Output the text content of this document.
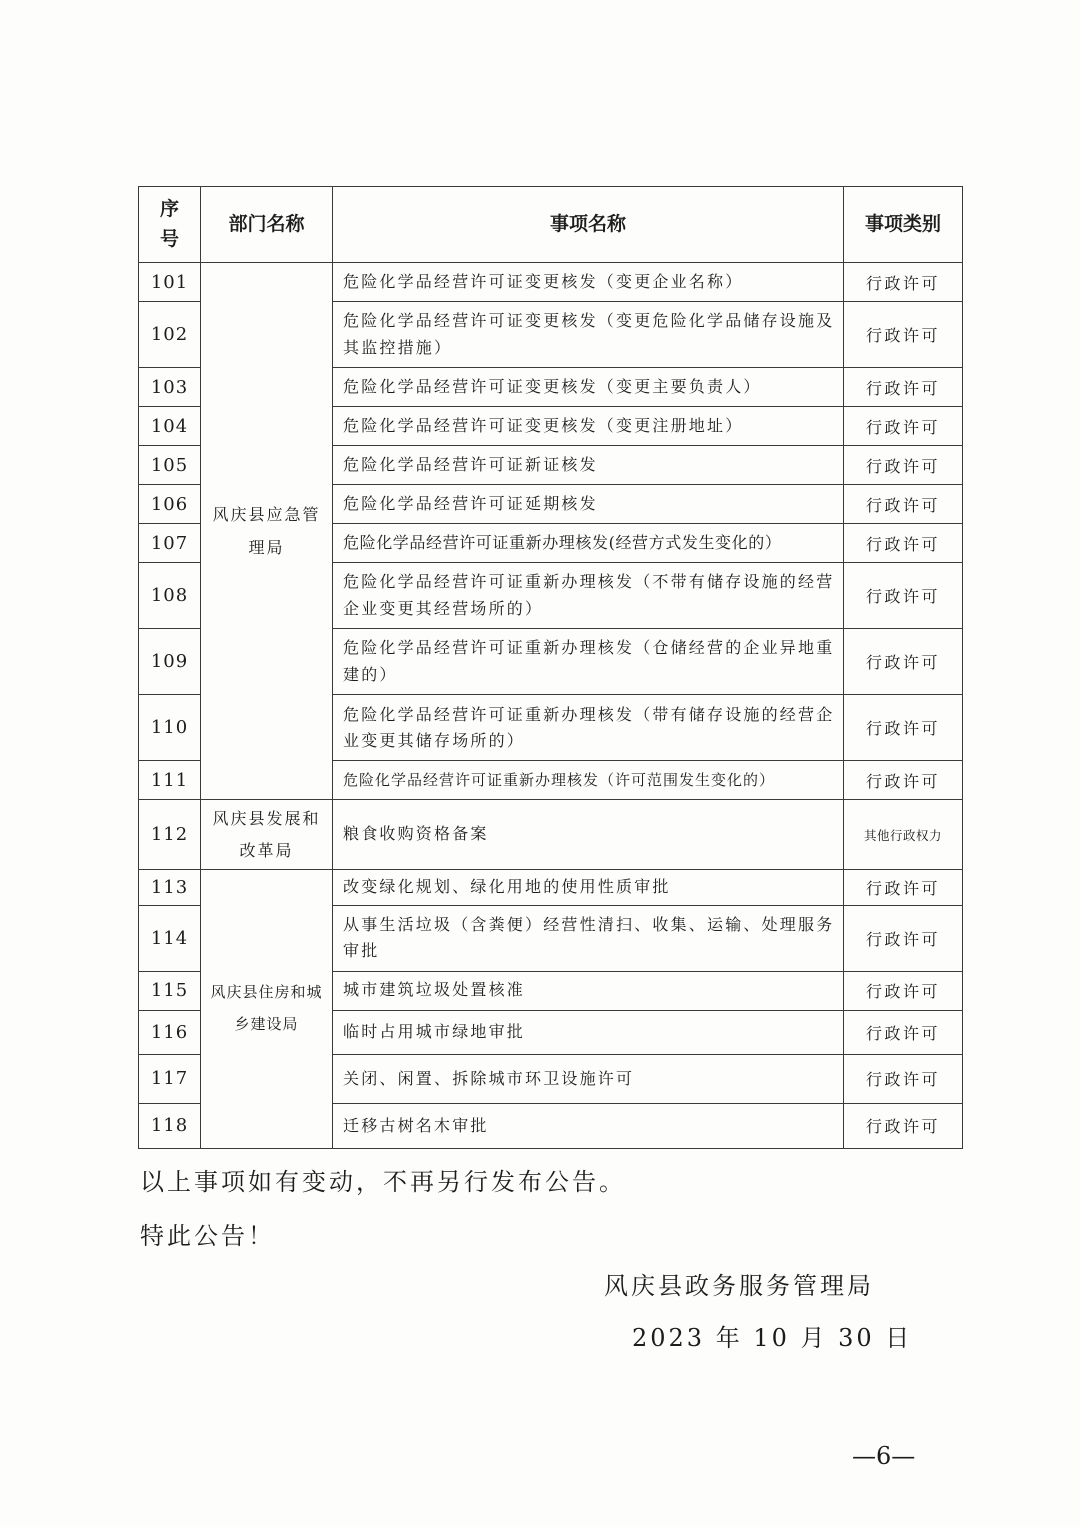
序号	部门名称	事项名称	事项类别
101	风庆县应急管理局	危险化学品经营许可证变更核发（变更企业名称）	行政许可
102		危险化学品经营许可证变更核发（变更危险化学品储存设施及其监控措施）	行政许可
103		危险化学品经营许可证变更核发（变更主要负责人）	行政许可
104		危险化学品经营许可证变更核发（变更注册地址）	行政许可
105		危险化学品经营许可证新证核发	行政许可
106		危险化学品经营许可证延期核发	行政许可
107		危险化学品经营许可证重新办理核发(经营方式发生变化的）	行政许可
108		危险化学品经营许可证重新办理核发（不带有储存设施的经营企业变更其经营场所的）	行政许可
109		危险化学品经营许可证重新办理核发（仓储经营的企业异地重建的）	行政许可
110		危险化学品经营许可证重新办理核发（带有储存设施的经营企业变更其储存场所的）	行政许可
111		危险化学品经营许可证重新办理核发（许可范围发生变化的）	行政许可
112	风庆县发展和改革局	粮食收购资格备案	其他行政权力
113	风庆县住房和城乡建设局	改变绿化规划、绿化用地的使用性质审批	行政许可
114		从事生活垃圾（含粪便）经营性清扫、收集、运输、处理服务审批	行政许可
115		城市建筑垃圾处置核准	行政许可
116		临时占用城市绿地审批	行政许可
117		关闭、闲置、拆除城市环卫设施许可	行政许可
118		迁移古树名木审批	行政许可
以上事项如有变动，不再另行发布公告。
特此公告！
风庆县政务服务管理局
2023 年 10 月 30 日
—6—
